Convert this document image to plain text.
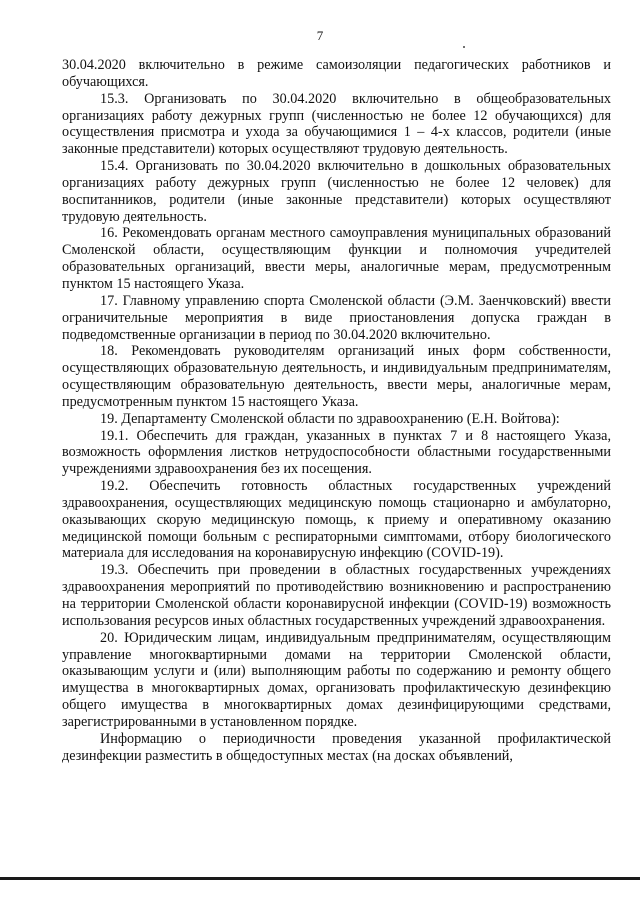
7

30.04.2020 включительно в режиме самоизоляции педагогических работников и обучающихся.

15.3. Организовать по 30.04.2020 включительно в общеобразовательных организациях работу дежурных групп (численностью не более 12 обучающихся) для осуществления присмотра и ухода за обучающимися 1 – 4-х классов, родители (иные законные представители) которых осуществляют трудовую деятельность.

15.4. Организовать по 30.04.2020 включительно в дошкольных образовательных организациях работу дежурных групп (численностью не более 12 человек) для воспитанников, родители (иные законные представители) которых осуществляют трудовую деятельность.

16. Рекомендовать органам местного самоуправления муниципальных образований Смоленской области, осуществляющим функции и полномочия учредителей образовательных организаций, ввести меры, аналогичные мерам, предусмотренным пунктом 15 настоящего Указа.

17. Главному управлению спорта Смоленской области (Э.М. Заенчковский) ввести ограничительные мероприятия в виде приостановления допуска граждан в подведомственные организации в период по 30.04.2020 включительно.

18. Рекомендовать руководителям организаций иных форм собственности, осуществляющих образовательную деятельность, и индивидуальным предпринимателям, осуществляющим образовательную деятельность, ввести меры, аналогичные мерам, предусмотренным пунктом 15 настоящего Указа.

19. Департаменту Смоленской области по здравоохранению (Е.Н. Войтова):

19.1. Обеспечить для граждан, указанных в пунктах 7 и 8 настоящего Указа, возможность оформления листков нетрудоспособности областными государственными учреждениями здравоохранения без их посещения.

19.2. Обеспечить готовность областных государственных учреждений здравоохранения, осуществляющих медицинскую помощь стационарно и амбулаторно, оказывающих скорую медицинскую помощь, к приему и оперативному оказанию медицинской помощи больным с респираторными симптомами, отбору биологического материала для исследования на коронавирусную инфекцию (COVID-19).

19.3. Обеспечить при проведении в областных государственных учреждениях здравоохранения мероприятий по противодействию возникновению и распространению на территории Смоленской области коронавирусной инфекции (COVID-19) возможность использования ресурсов иных областных государственных учреждений здравоохранения.

20. Юридическим лицам, индивидуальным предпринимателям, осуществляющим управление многоквартирными домами на территории Смоленской области, оказывающим услуги и (или) выполняющим работы по содержанию и ремонту общего имущества в многоквартирных домах, организовать профилактическую дезинфекцию общего имущества в многоквартирных домах дезинфицирующими средствами, зарегистрированными в установленном порядке.

Информацию о периодичности проведения указанной профилактической дезинфекции разместить в общедоступных местах (на досках объявлений,
